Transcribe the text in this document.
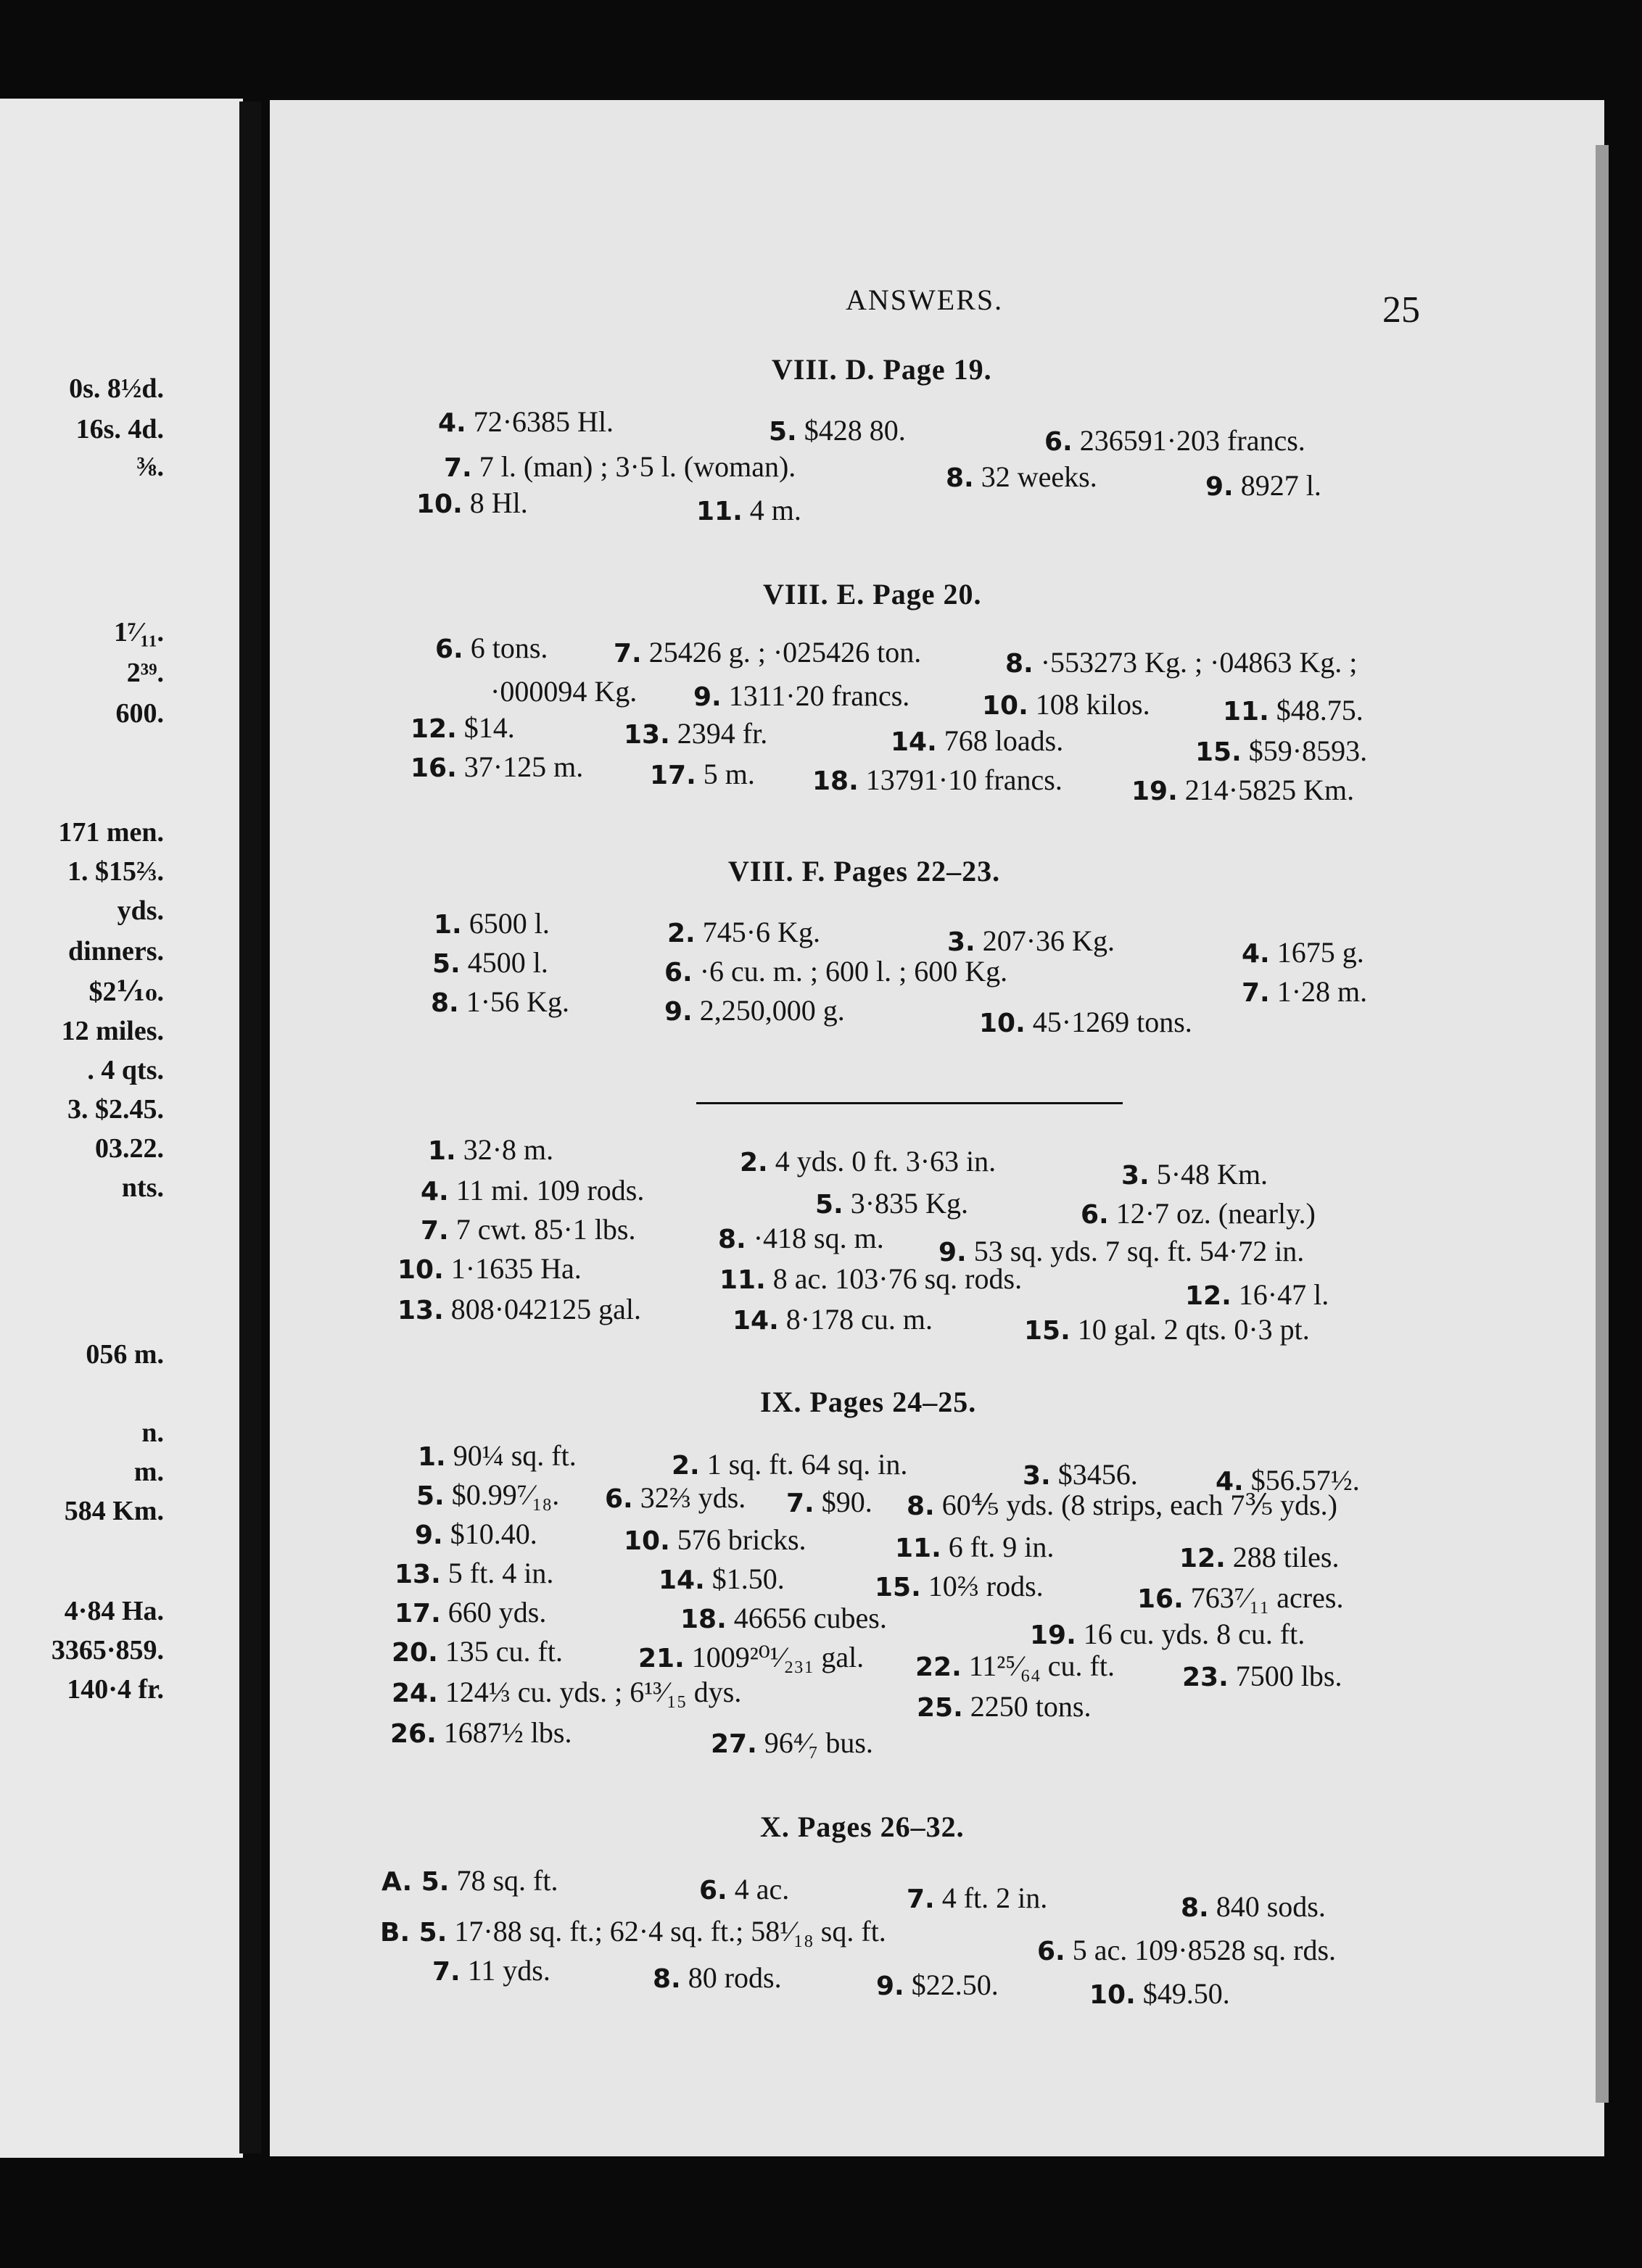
0s. 8½d.
16s. 4d.
⅜.
1⁷⁄₁₁.
2³⁹.
600.
171 men.
1. $15⅔.
yds.
dinners.
$2⅒.
12 miles.
. 4 qts.
3. $2.45.
03.22.
nts.
056 m.
n.
m.
584 Km.
4·84 Ha.
3365·859.
140·4 fr.
ANSWERS.	25
VIII. D. Page 19.
4. 72·6385 Hl.	5. $428 80.	6. 236591·203 francs.
7. 7 l. (man) ; 3·5 l. (woman).	8. 32 weeks.	9. 8927 l.
10. 8 Hl.	11. 4 m.
VIII. E. Page 20.
6. 6 tons.	7. 25426 g. ; ·025426 ton.	8. ·553273 Kg. ; ·04863 Kg. ;
·000094 Kg. 9. 1311·20 francs.	10. 108 kilos.	11. $48.75.
12. $14.	13. 2394 fr.	14. 768 loads.	15. $59·8593.
16. 37·125 m.	17. 5 m. 18. 13791·10 francs.	19. 214·5825 Km.
VIII. F. Pages 22–23.
1. 6500 l.	2. 745·6 Kg.	3. 207·36 Kg.	4. 1675 g.
5. 4500 l.	6. ·6 cu. m. ; 600 l. ; 600 Kg.
7. 1·28 m.
8. 1·56 Kg.	9. 2,250,000 g.	10. 45·1269 tons.
1. 32·8 m.	2. 4 yds. 0 ft. 3·63 in.	3. 5·48 Km.
4. 11 mi. 109 rods.	5. 3·835 Kg.	6. 12·7 oz. (nearly.)
7. 7 cwt. 85·1 lbs.	8. ·418 sq. m. 9. 53 sq. yds. 7 sq. ft. 54·72 in.
10. 1·1635 Ha.	11. 8 ac. 103·76 sq. rods.
12. 16·47 l.
13. 808·042125 gal.	14. 8·178 cu. m.	15. 10 gal. 2 qts. 0·3 pt.
IX. Pages 24–25.
1. 90¼ sq. ft.	2. 1 sq. ft. 64 sq. in.	3. $3456.	4. $56.57½.
5. $0.99⁷⁄₁₈. 6. 32⅔ yds. 7. $90. 8. 60⅘ yds. (8 strips, each 7⅗ yds.)
9. $10.40.	10. 576 bricks.	11. 6 ft. 9 in.	12. 288 tiles.
13. 5 ft. 4 in.	14. $1.50.	15. 10⅔ rods.	16. 763⁷⁄₁₁ acres.
17. 660 yds.	18. 46656 cubes.
19. 16 cu. yds. 8 cu. ft.
20. 135 cu. ft.	21. 1009²⁰¹⁄₂₃₁ gal. 22. 11²⁵⁄₆₄ cu. ft.	23. 7500 lbs.
24. 124⅓ cu. yds. ; 6¹³⁄₁₅ dys.	25. 2250 tons.
26. 1687½ lbs.	27. 96⁴⁄₇ bus.
X. Pages 26–32.
A. 5. 78 sq. ft.	6. 4 ac.	7. 4 ft. 2 in.	8. 840 sods.
B. 5. 17·88 sq. ft.; 62·4 sq. ft.; 58¹⁄₁₈ sq. ft.
6. 5 ac. 109·8528 sq. rds.
7. 11 yds.	8. 80 rods.	9. $22.50.	10. $49.50.
